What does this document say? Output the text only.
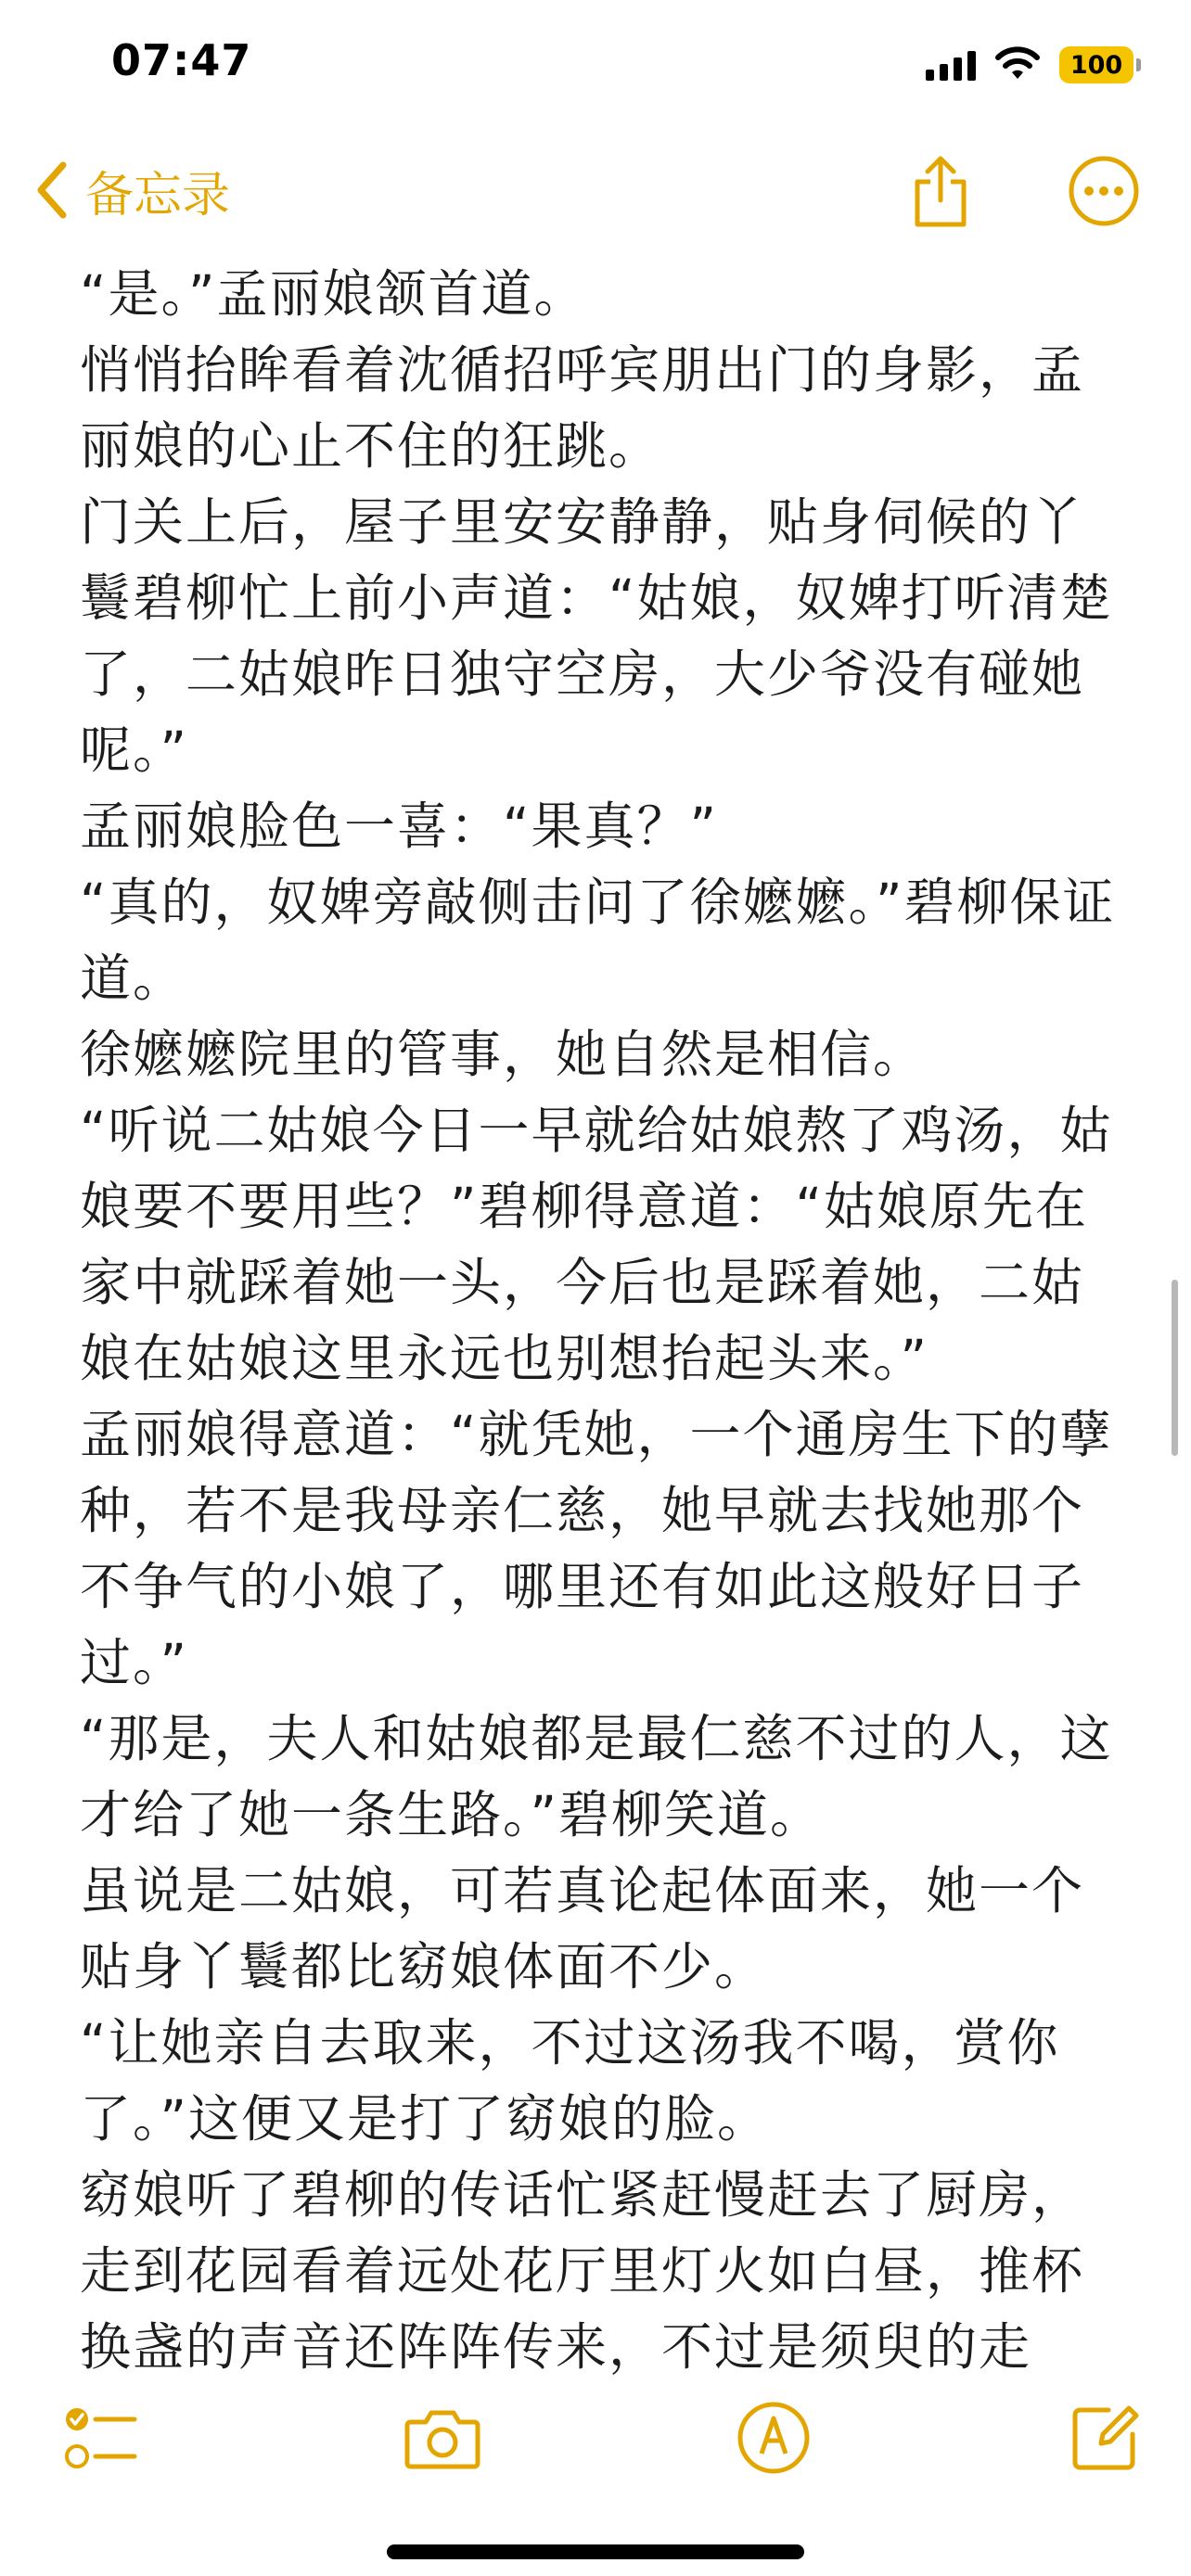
07:47	100
备忘录

“是。”孟丽娘颔首道。

悄悄抬眸看着沈循招呼宾朋出门的身影，孟丽娘的心止不住的狂跳。

门关上后，屋子里安安静静，贴身伺候的丫鬟碧柳忙上前小声道：“姑娘，奴婢打听清楚了，二姑娘昨日独守空房，大少爷没有碰她呢。”

孟丽娘脸色一喜：“果真？”

“真的，奴婢旁敲侧击问了徐嬷嬷。”碧柳保证道。

徐嬷嬷院里的管事，她自然是相信。

“听说二姑娘今日一早就给姑娘熬了鸡汤，姑娘要不要用些？”碧柳得意道：“姑娘原先在家中就踩着她一头，今后也是踩着她，二姑娘在姑娘这里永远也别想抬起头来。”

孟丽娘得意道：“就凭她，一个通房生下的孽种，若不是我母亲仁慈，她早就去找她那个不争气的小娘了，哪里还有如此这般好日子过。”

“那是，夫人和姑娘都是最仁慈不过的人，这才给了她一条生路。”碧柳笑道。

虽说是二姑娘，可若真论起体面来，她一个贴身丫鬟都比窈娘体面不少。

“让她亲自去取来，不过这汤我不喝，赏你了。”这便又是打了窈娘的脸。

窈娘听了碧柳的传话忙紧赶慢赶去了厨房，走到花园看着远处花厅里灯火如白昼，推杯换盏的声音还阵阵传来，不过是须臾的走
